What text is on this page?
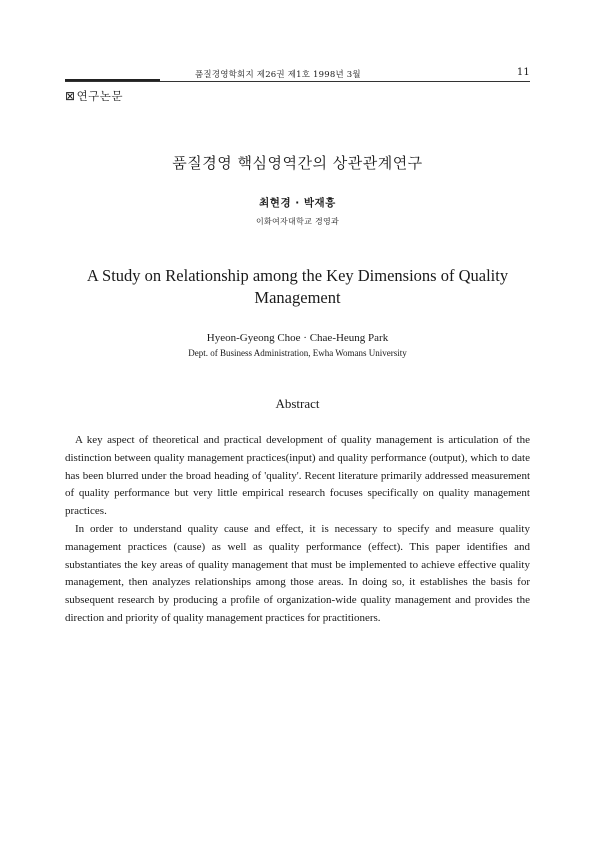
품질경영학회지 제26권 제1호 1998년 3월	11
⊠연구논문
품질경영 핵심영역간의 상관관계연구
최현경 · 박재흥
이화여자대학교 경영과
A Study on Relationship among the Key Dimensions of Quality Management
Hyeon-Gyeong Choe · Chae-Heung Park
Dept. of Business Administration, Ewha Womans University
Abstract

A key aspect of theoretical and practical development of quality management is articulation of the distinction between quality management practices(input) and quality performance (output), which to date has been blurred under the broad heading of 'quality'. Recent literature primarily addressed measurement of quality performance but very little empirical research focuses specifically on quality management practices.

In order to understand quality cause and effect, it is necessary to specify and measure quality management practices (cause) as well as quality performance (effect). This paper identifies and substantiates the key areas of quality management that must be implemented to achieve effective quality management, then analyzes relationships among those areas. In doing so, it establishes the basis for subsequent research by producing a profile of organization-wide quality management and provides the direction and priority of quality management practices for practitioners.
